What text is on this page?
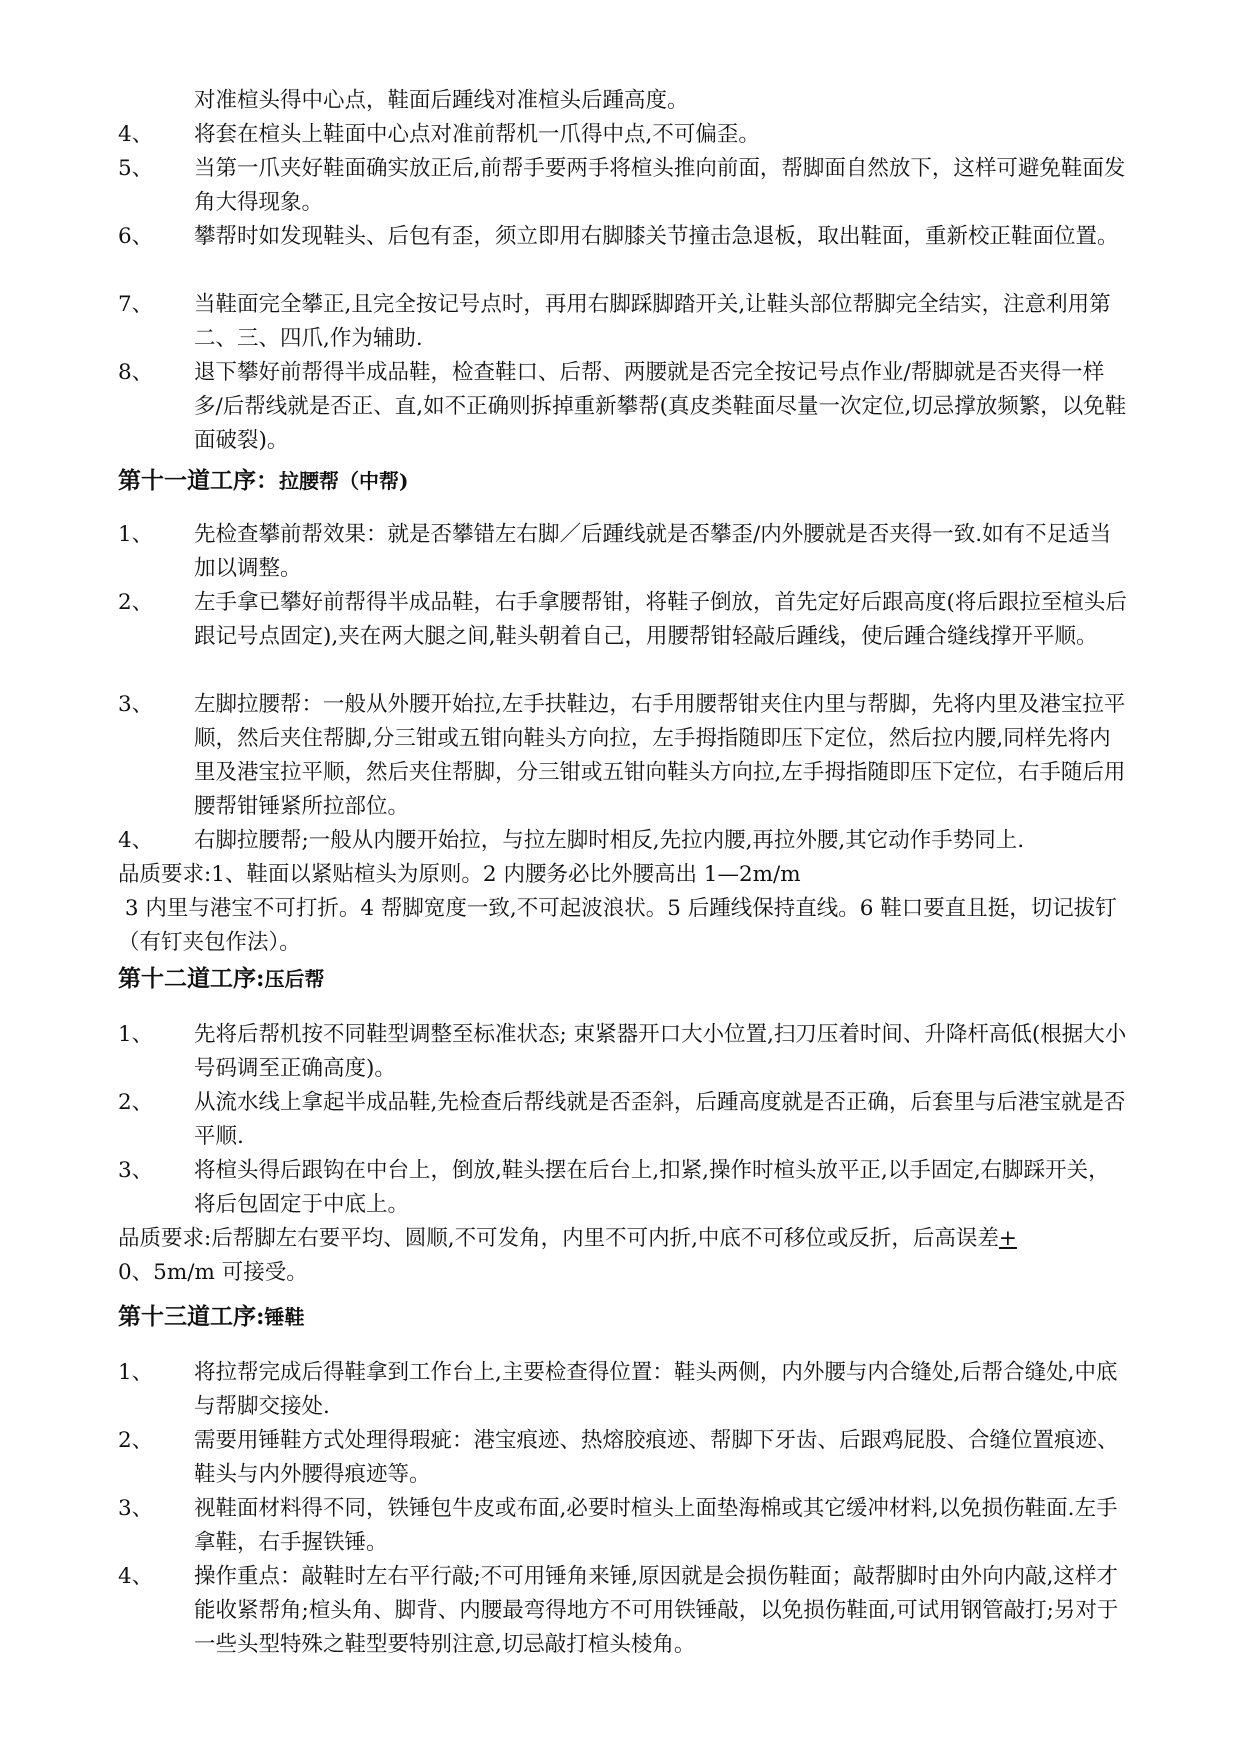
对准楦头得中心点，鞋面后踵线对准楦头后踵高度。
4、	将套在楦头上鞋面中心点对准前帮机一爪得中点,不可偏歪。
5、	当第一爪夹好鞋面确实放正后,前帮手要两手将楦头推向前面，帮脚面自然放下，这样可避免鞋面发角大得现象。
6、	攀帮时如发现鞋头、后包有歪，须立即用右脚膝关节撞击急退板，取出鞋面，重新校正鞋面位置。
7、	当鞋面完全攀正,且完全按记号点时，再用右脚踩脚踏开关,让鞋头部位帮脚完全结实，注意利用第二、三、四爪,作为辅助.
8、	退下攀好前帮得半成品鞋，检查鞋口、后帮、两腰就是否完全按记号点作业/帮脚就是否夹得一样多/后帮线就是否正、直,如不正确则拆掉重新攀帮(真皮类鞋面尽量一次定位,切忌撑放频繁，以免鞋面破裂)。
第十一道工序：拉腰帮（中帮)
1、	先检查攀前帮效果：就是否攀错左右脚／后踵线就是否攀歪/内外腰就是否夹得一致.如有不足适当加以调整。
2、	左手拿已攀好前帮得半成品鞋，右手拿腰帮钳，将鞋子倒放，首先定好后跟高度(将后跟拉至楦头后跟记号点固定),夹在两大腿之间,鞋头朝着自己，用腰帮钳轻敲后踵线，使后踵合缝线撑开平顺。
3、	左脚拉腰帮：一般从外腰开始拉,左手扶鞋边，右手用腰帮钳夹住内里与帮脚，先将内里及港宝拉平顺，然后夹住帮脚,分三钳或五钳向鞋头方向拉，左手拇指随即压下定位，然后拉内腰,同样先将内里及港宝拉平顺，然后夹住帮脚，分三钳或五钳向鞋头方向拉,左手拇指随即压下定位，右手随后用腰帮钳锤紧所拉部位。
4、	右脚拉腰帮;一般从内腰开始拉，与拉左脚时相反,先拉内腰,再拉外腰,其它动作手势同上.
品质要求:1、鞋面以紧贴楦头为原则。2 内腰务必比外腰高出 1—2m/m
3 内里与港宝不可打折。4 帮脚宽度一致,不可起波浪状。5 后踵线保持直线。6 鞋口要直且挺，切记拔钉（有钉夹包作法）。
第十二道工序:压后帮
1、	先将后帮机按不同鞋型调整至标准状态; 束紧器开口大小位置,扫刀压着时间、升降杆高低(根据大小号码调至正确高度)。
2、	从流水线上拿起半成品鞋,先检查后帮线就是否歪斜，后踵高度就是否正确，后套里与后港宝就是否平顺.
3、	将楦头得后跟钩在中台上，倒放,鞋头摆在后台上,扣紧,操作时楦头放平正,以手固定,右脚踩开关，将后包固定于中底上。
品质要求:后帮脚左右要平均、圆顺,不可发角，内里不可内折,中底不可移位或反折，后高误差+
0、5m/m 可接受。
第十三道工序:锤鞋
1、	将拉帮完成后得鞋拿到工作台上,主要检查得位置：鞋头两侧，内外腰与内合缝处,后帮合缝处,中底与帮脚交接处.
2、	需要用锤鞋方式处理得瑕疵：港宝痕迹、热熔胶痕迹、帮脚下牙齿、后跟鸡屁股、合缝位置痕迹、鞋头与内外腰得痕迹等。
3、	视鞋面材料得不同，铁锤包牛皮或布面,必要时楦头上面垫海棉或其它缓冲材料,以免损伤鞋面.左手拿鞋，右手握铁锤。
4、	操作重点：敲鞋时左右平行敲;不可用锤角来锤,原因就是会损伤鞋面；敲帮脚时由外向内敲,这样才能收紧帮角;楦头角、脚背、内腰最弯得地方不可用铁锤敲，以免损伤鞋面,可试用钢管敲打;另对于一些头型特殊之鞋型要特别注意,切忌敲打楦头棱角。
